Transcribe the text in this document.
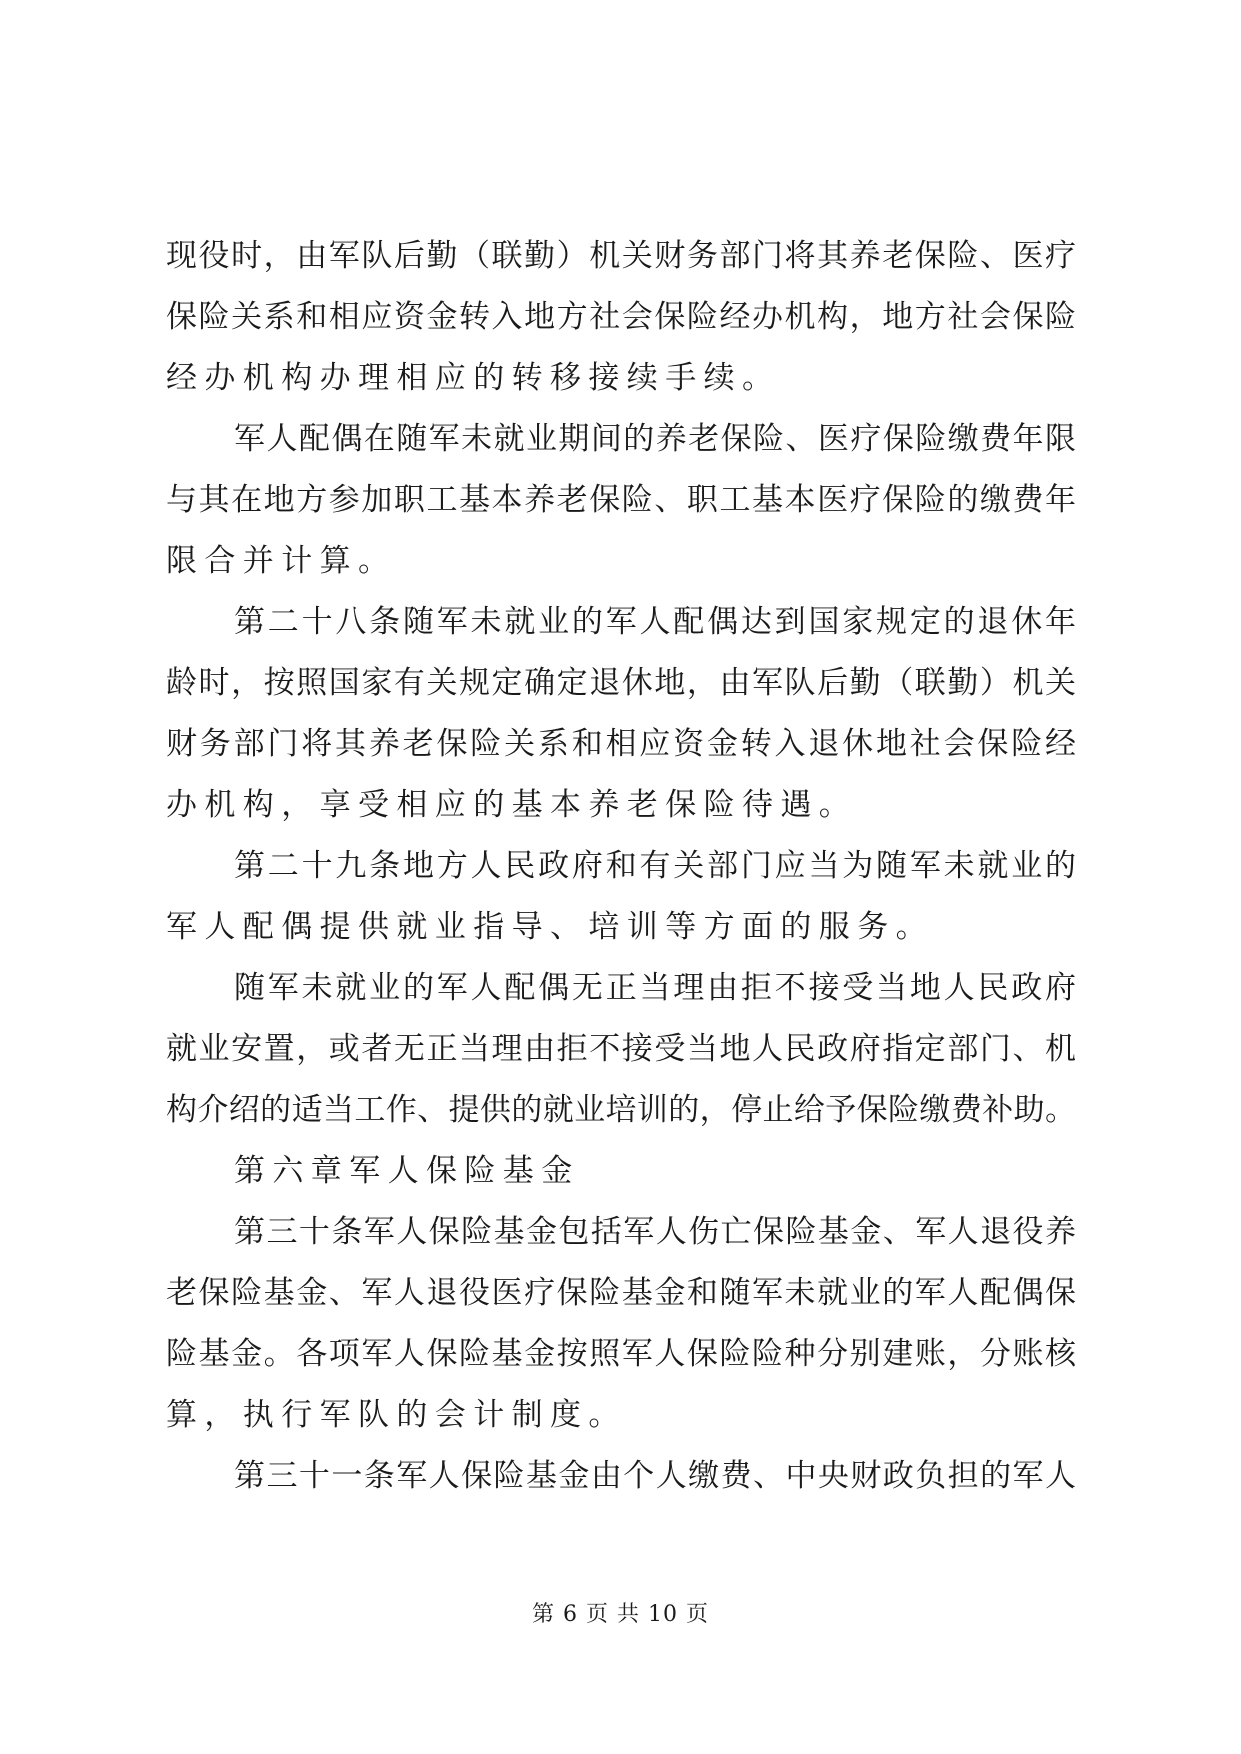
现役时，由军队后勤（联勤）机关财务部门将其养老保险、医疗
保险关系和相应资金转入地方社会保险经办机构，地方社会保险
经办机构办理相应的转移接续手续。
军人配偶在随军未就业期间的养老保险、医疗保险缴费年限
与其在地方参加职工基本养老保险、职工基本医疗保险的缴费年
限合并计算。
第二十八条随军未就业的军人配偶达到国家规定的退休年
龄时，按照国家有关规定确定退休地，由军队后勤（联勤）机关
财务部门将其养老保险关系和相应资金转入退休地社会保险经
办机构，享受相应的基本养老保险待遇。
第二十九条地方人民政府和有关部门应当为随军未就业的
军人配偶提供就业指导、培训等方面的服务。
随军未就业的军人配偶无正当理由拒不接受当地人民政府
就业安置，或者无正当理由拒不接受当地人民政府指定部门、机
构介绍的适当工作、提供的就业培训的，停止给予保险缴费补助。
第六章军人保险基金
第三十条军人保险基金包括军人伤亡保险基金、军人退役养
老保险基金、军人退役医疗保险基金和随军未就业的军人配偶保
险基金。各项军人保险基金按照军人保险险种分别建账，分账核
算，执行军队的会计制度。
第三十一条军人保险基金由个人缴费、中央财政负担的军人
第 6 页 共 10 页
